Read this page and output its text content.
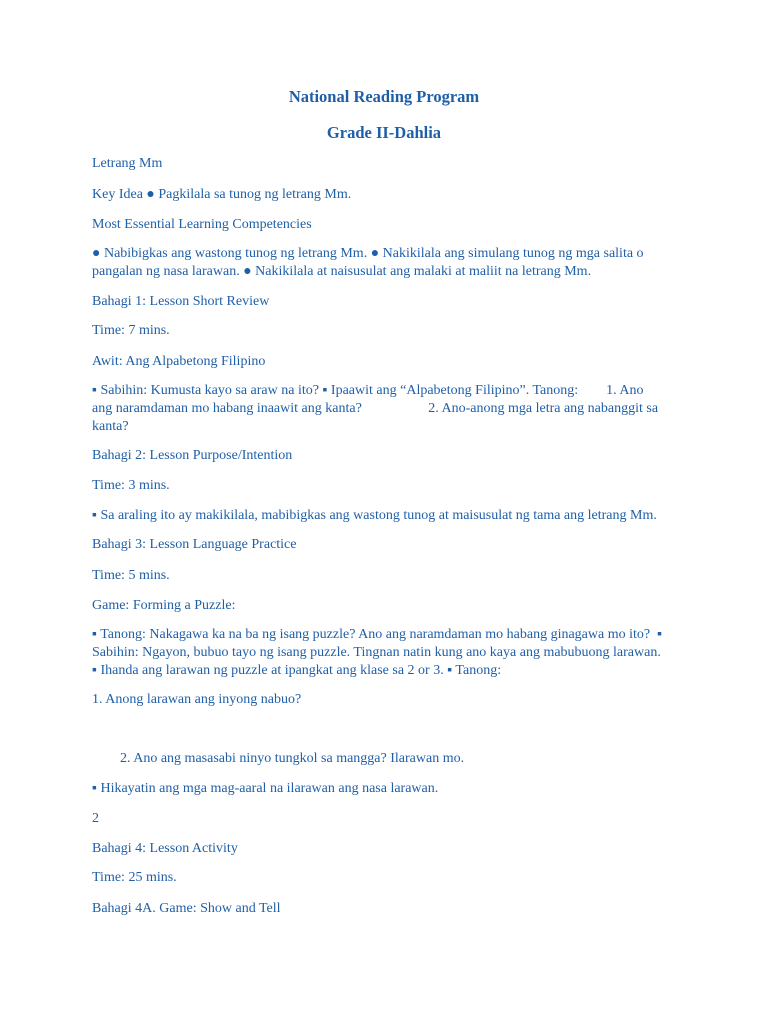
National Reading Program
Grade II-Dahlia
Letrang Mm
Key Idea ● Pagkilala sa tunog ng letrang Mm.
Most Essential Learning Competencies
● Nabibigkas ang wastong tunog ng letrang Mm. ● Nakikilala ang simulang tunog ng mga salita o
pangalan ng nasa larawan. ● Nakikilala at naisusulat ang malaki at maliit na letrang Mm.
Bahagi 1: Lesson Short Review
Time: 7 mins.
Awit: Ang Alpabetong Filipino
▪ Sabihin: Kumusta kayo sa araw na ito? ▪ Ipaawit ang “Alpabetong Filipino”. Tanong:        1. Ano
ang naramdaman mo habang inaawit ang kanta?                   2. Ano-anong mga letra ang nabanggit sa
kanta?
Bahagi 2: Lesson Purpose/Intention
Time: 3 mins.
▪ Sa araling ito ay makikilala, mabibigkas ang wastong tunog at maisusulat ng tama ang letrang Mm.
Bahagi 3: Lesson Language Practice
Time: 5 mins.
Game: Forming a Puzzle:
▪ Tanong: Nakagawa ka na ba ng isang puzzle? Ano ang naramdaman mo habang ginagawa mo ito?  ▪
Sabihin: Ngayon, bubuo tayo ng isang puzzle. Tingnan natin kung ano kaya ang mabubuong larawan.
▪ Ihanda ang larawan ng puzzle at ipangkat ang klase sa 2 or 3. ▪ Tanong:
1. Anong larawan ang inyong nabuo?
2. Ano ang masasabi ninyo tungkol sa mangga? Ilarawan mo.
▪ Hikayatin ang mga mag-aaral na ilarawan ang nasa larawan.
2
Bahagi 4: Lesson Activity
Time: 25 mins.
Bahagi 4A. Game: Show and Tell
